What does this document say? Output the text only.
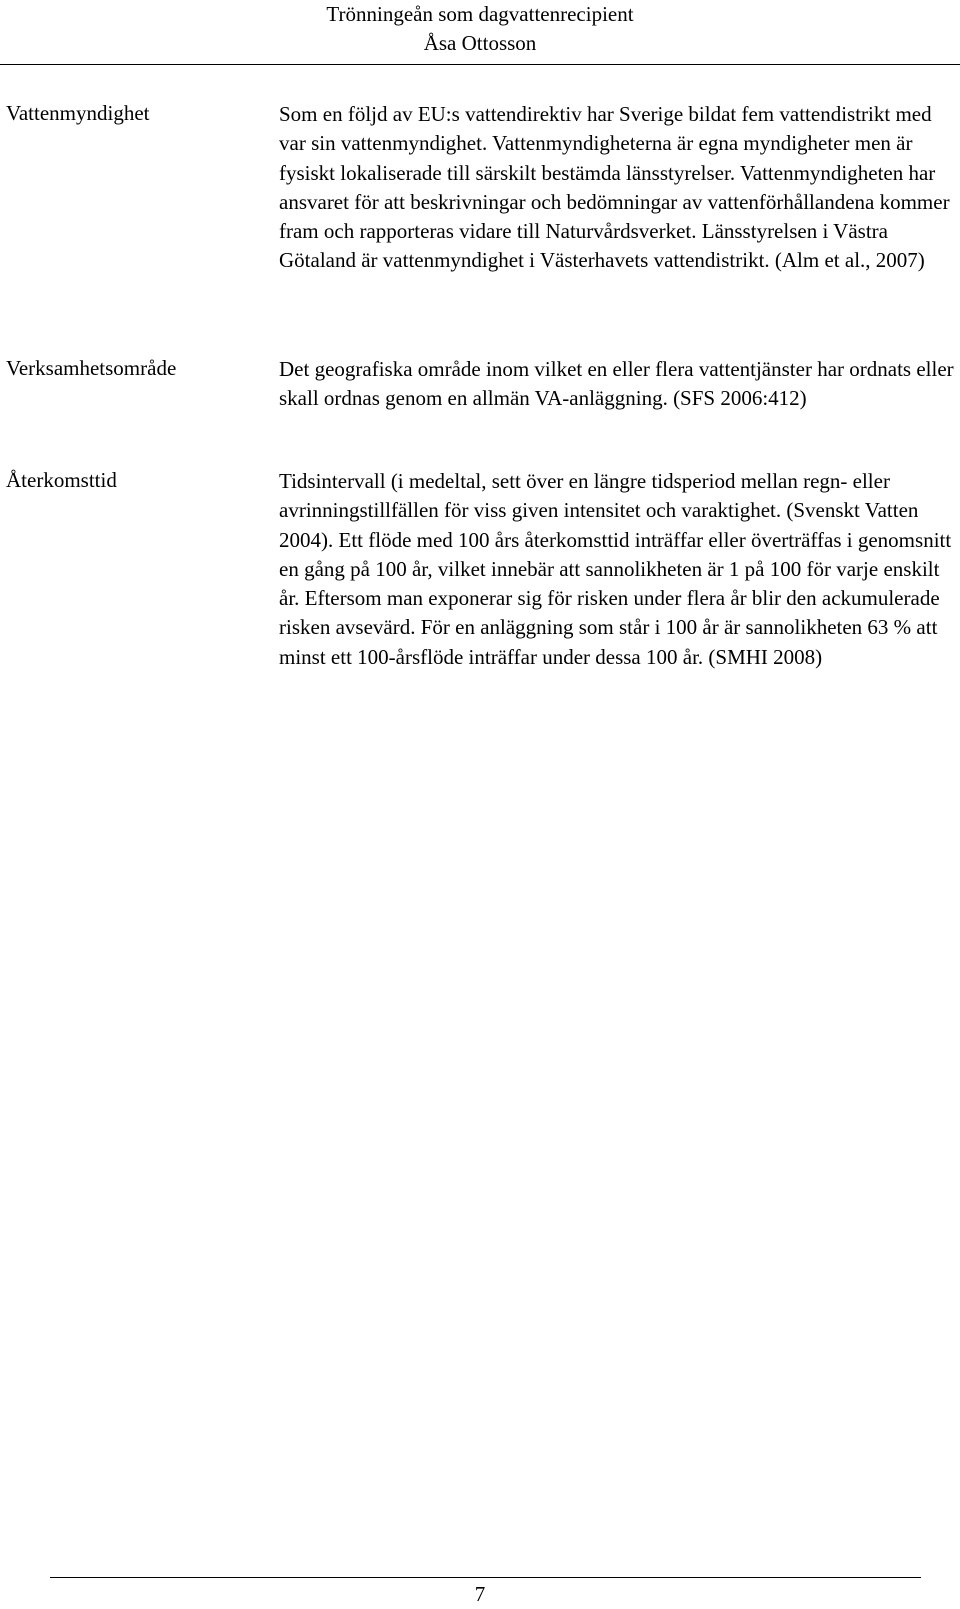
Trönningeån som dagvattenrecipient
Åsa Ottosson
Vattenmyndighet	Som en följd av EU:s vattendirektiv har Sverige bildat fem vattendistrikt med var sin vattenmyndighet. Vattenmyndigheterna är egna myndigheter men är fysiskt lokaliserade till särskilt bestämda länsstyrelser. Vattenmyndigheten har ansvaret för att beskrivningar och bedömningar av vattenförhållandena kommer fram och rapporteras vidare till Naturvårdsverket. Länsstyrelsen i Västra Götaland är vattenmyndighet i Västerhavets vattendistrikt. (Alm et al., 2007)
Verksamhetsområde	Det geografiska område inom vilket en eller flera vattentjänster har ordnats eller skall ordnas genom en allmän VA-anläggning. (SFS 2006:412)
Återkomsttid	Tidsintervall (i medeltal, sett över en längre tidsperiod mellan regn- eller avrinningstillfällen för viss given intensitet och varaktighet. (Svenskt Vatten 2004). Ett flöde med 100 års återkomsttid inträffar eller överträffas i genomsnitt en gång på 100 år, vilket innebär att sannolikheten är 1 på 100 för varje enskilt år. Eftersom man exponerar sig för risken under flera år blir den ackumulerade risken avsevärd. För en anläggning som står i 100 år är sannolikheten 63 % att minst ett 100-årsflöde inträffar under dessa 100 år. (SMHI 2008)
7
